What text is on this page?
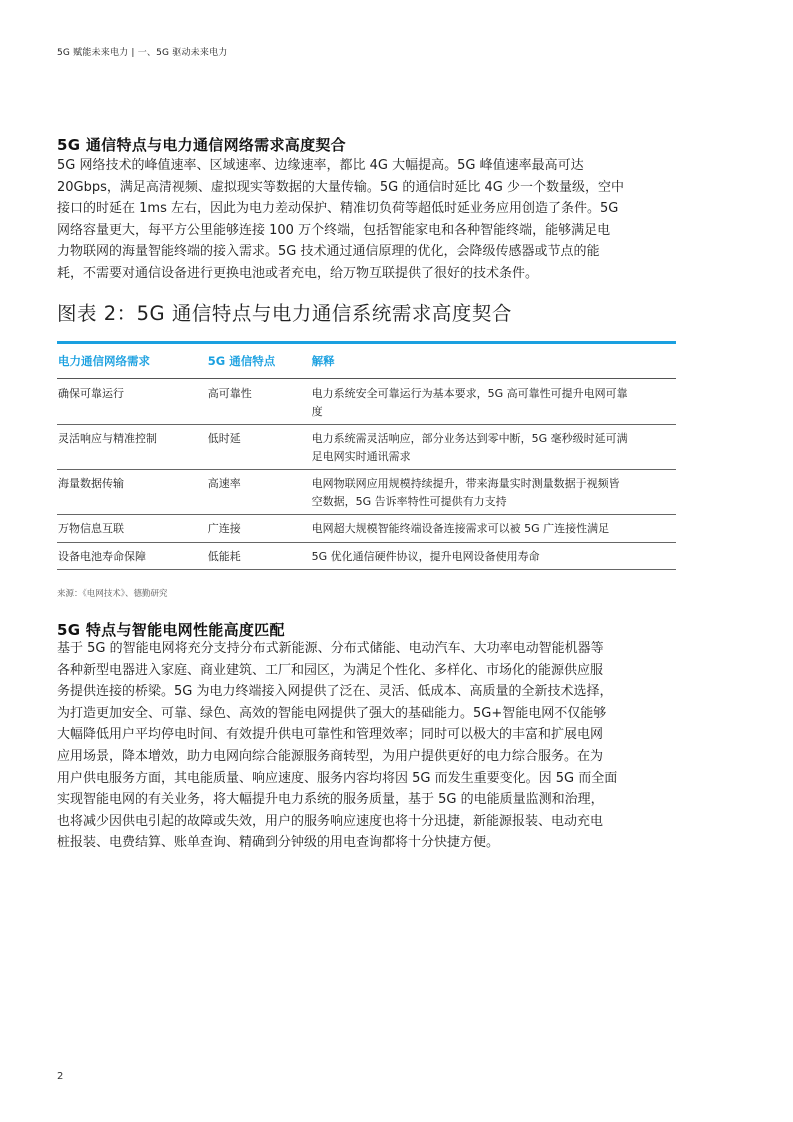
5G 赋能未来电力 | 一、5G 驱动未来电力
5G 通信特点与电力通信网络需求高度契合
5G 网络技术的峰值速率、区域速率、边缘速率，都比 4G 大幅提高。5G 峰值速率最高可达
20Gbps，满足高清视频、虚拟现实等数据的大量传输。5G 的通信时延比 4G 少一个数量级，空中
接口的时延在 1ms 左右，因此为电力差动保护、精准切负荷等超低时延业务应用创造了条件。5G
网络容量更大，每平方公里能够连接 100 万个终端，包括智能家电和各种智能终端，能够满足电
力物联网的海量智能终端的接入需求。5G 技术通过通信原理的优化，会降级传感器或节点的能
耗，不需要对通信设备进行更换电池或者充电，给万物互联提供了很好的技术条件。
图表 2：5G 通信特点与电力通信系统需求高度契合
电力通信网络需求	5G 通信特点	解释
确保可靠运行	高可靠性	电力系统安全可靠运行为基本要求，5G 高可靠性可提升电网可靠
度
灵活响应与精准控制	低时延	电力系统需灵活响应，部分业务达到零中断，5G 毫秒级时延可满
足电网实时通讯需求
海量数据传输	高速率	电网物联网应用规模持续提升，带来海量实时测量数据于视频皆
空数据，5G 告诉率特性可提供有力支持
万物信息互联	广连接	电网超大规模智能终端设备连接需求可以被 5G 广连接性满足
设备电池寿命保障	低能耗	5G 优化通信硬件协议，提升电网设备使用寿命
来源：《电网技术》、德勤研究
5G 特点与智能电网性能高度匹配
基于 5G 的智能电网将充分支持分布式新能源、分布式储能、电动汽车、大功率电动智能机器等
各种新型电器进入家庭、商业建筑、工厂和园区，为满足个性化、多样化、市场化的能源供应服
务提供连接的桥梁。5G 为电力终端接入网提供了泛在、灵活、低成本、高质量的全新技术选择，
为打造更加安全、可靠、绿色、高效的智能电网提供了强大的基础能力。5G+智能电网不仅能够
大幅降低用户平均停电时间、有效提升供电可靠性和管理效率；同时可以极大的丰富和扩展电网
应用场景，降本增效，助力电网向综合能源服务商转型，为用户提供更好的电力综合服务。在为
用户供电服务方面，其电能质量、响应速度、服务内容均将因 5G 而发生重要变化。因 5G 而全面
实现智能电网的有关业务，将大幅提升电力系统的服务质量，基于 5G 的电能质量监测和治理，
也将减少因供电引起的故障或失效，用户的服务响应速度也将十分迅捷，新能源报装、电动充电
桩报装、电费结算、账单查询、精确到分钟级的用电查询都将十分快捷方便。
2
